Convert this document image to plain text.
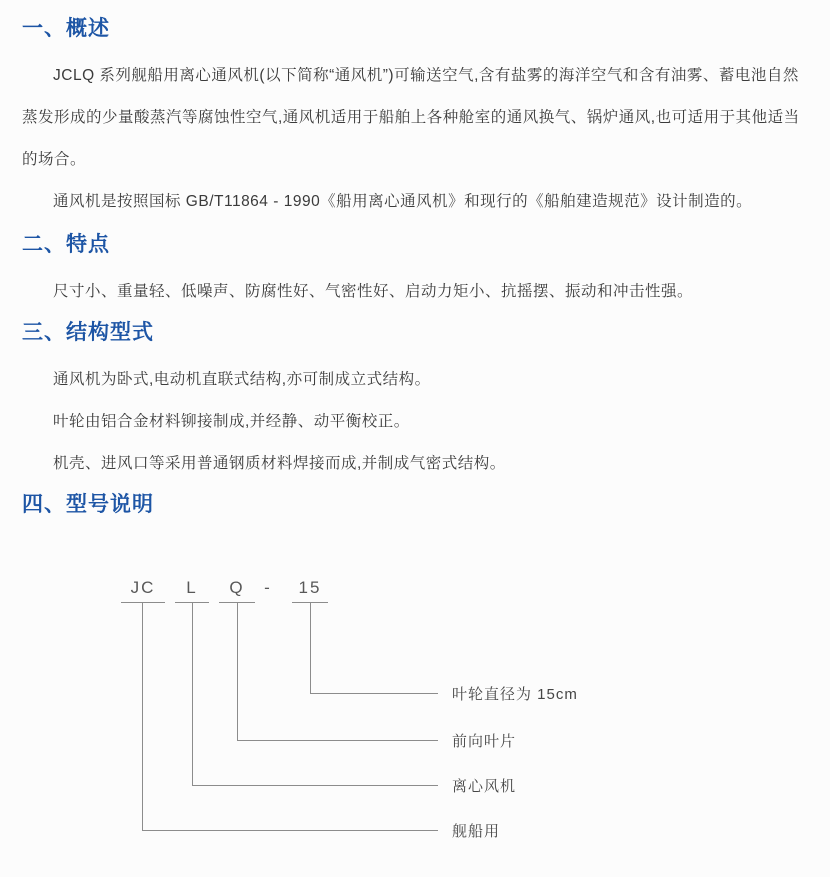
一、概述

JCLQ 系列舰船用离心通风机(以下简称“通风机”)可输送空气,含有盐雾的海洋空气和含有油雾、蓄电池自然蒸发形成的少量酸蒸汽等腐蚀性空气,通风机适用于船舶上各种舱室的通风换气、锅炉通风,也可适用于其他适当的场合。

通风机是按照国标 GB/T11864 - 1990《船用离心通风机》和现行的《船舶建造规范》设计制造的。

二、特点

尺寸小、重量轻、低噪声、防腐性好、气密性好、启动力矩小、抗摇摆、振动和冲击性强。

三、结构型式

通风机为卧式,电动机直联式结构,亦可制成立式结构。

叶轮由铝合金材料铆接制成,并经静、动平衡校正。

机壳、进风口等采用普通钢质材料焊接而成,并制成气密式结构。

四、型号说明
JC	L	Q	-	15
叶轮直径为 15cm
前向叶片
离心风机
舰船用
